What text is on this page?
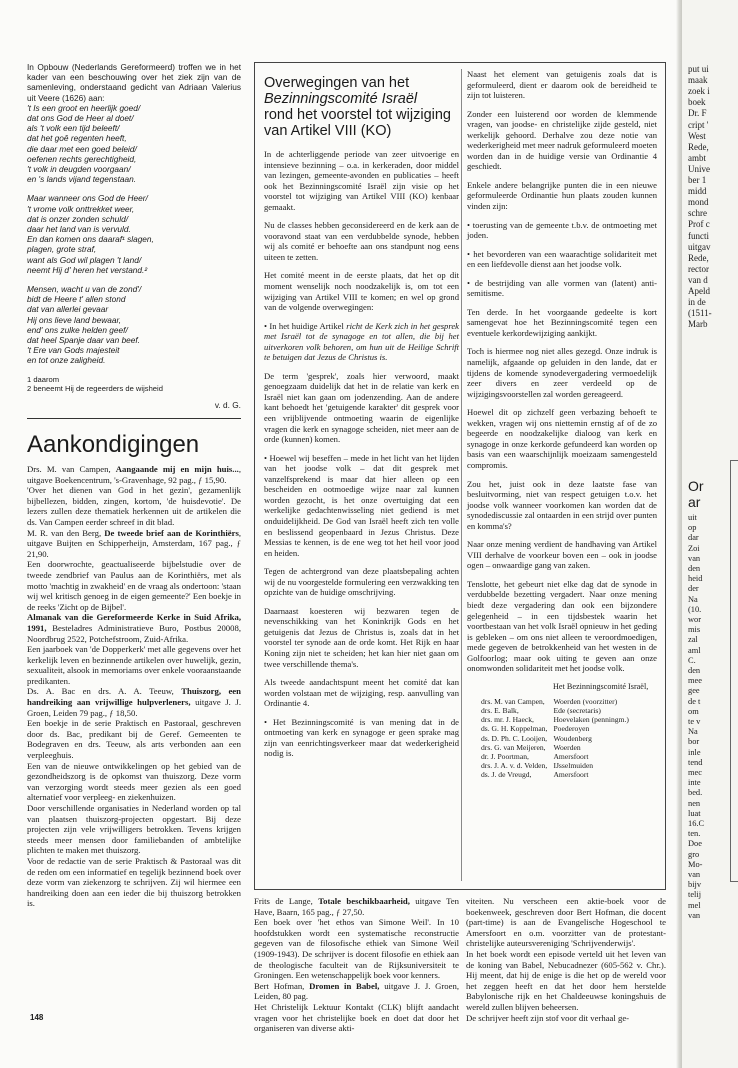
In Opbouw (Nederlands Gereformeerd) troffen we in het kader van een beschouwing over het ziek zijn van de samenleving, onderstaand gedicht van Adriaan Valerius uit Veere (1626) aan:

't Is een groot en heerlijk goed/
dat ons God de Heer al doet/
als 't volk een tijd beleeft/
dat het goê regenten heeft,
die daar met een goed beleid/
oefenen rechts gerechtigheid,
't volk in deugden voorgaan/
en 's lands vijand tegenstaan.

Maar wanneer ons God de Heer/
't vrome volk onttrekket weer,
dat is onzer zonden schuld/
daar het land van is vervuld.
En dan komen ons daaraf¹ slagen,
plagen, grote straf,
want als God wil plagen 't land/
neemt Hij d' heren het verstand.²

Mensen, wacht u van de zond'/
bidt de Heere t' allen stond
dat van allerlei gevaar
Hij ons lieve land bewaar,
end' ons zulke helden geef/
dat heel Spanje daar van beef.
't Ere van Gods majesteit
en tot onze zaligheid.

1 daarom
2 beneemt Hij de regeerders de wijsheid
v. d. G.
Aankondigingen

Drs. M. van Campen, Aangaande mij en mijn huis..., uitgave Boekencentrum, 's-Gravenhage, 92 pag., ƒ 15,90.

'Over het dienen van God in het gezin', gezamenlijk bijbellezen, bidden, zingen, kortom, 'de huisdevotie'. De lezers zullen deze thematiek herkennen uit de artikelen die ds. Van Campen eerder schreef in dit blad.

M. R. van den Berg, De tweede brief aan de Korinthiërs, uitgave Buijten en Schipperheijn, Amsterdam, 167 pag., ƒ 21,90.

Een doorwrochte, geactualiseerde bijbelstudie over de tweede zendbrief van Paulus aan de Korinthiërs, met als motto 'machtig in zwakheid' en de vraag als ondertoon: 'staan wij wel kritisch genoeg in de eigen gemeente?' Een boekje in de reeks 'Zicht op de Bijbel'.

Almanak van die Gereformeerde Kerke in Suid Afrika, 1991, Besteladres Administratieve Buro, Postbus 20008, Noordbrug 2522, Potchefstroom, Zuid-Afrika.

Een jaarboek van 'de Dopperkerk' met alle gegevens over het kerkelijk leven en bezinnende artikelen over huwelijk, gezin, sexualiteit, alsook in memoriams over enkele vooraanstaande predikanten.

Ds. A. Bac en drs. A. A. Teeuw, Thuiszorg, een handreiking aan vrijwillige hulpverleners, uitgave J. J. Groen, Leiden 79 pag., ƒ 18,50.

Een boekje in de serie Praktisch en Pastoraal, geschreven door ds. Bac, predikant bij de Geref. Gemeenten te Bodegraven en drs. Teeuw, als arts verbonden aan een verpleeghuis.

Een van de nieuwe ontwikkelingen op het gebied van de gezondheidszorg is de opkomst van thuiszorg. Deze vorm van verzorging wordt steeds meer gezien als een goed alternatief voor verpleeg- en ziekenhuizen.

Door verschillende organisaties in Nederland worden op tal van plaatsen thuiszorg-projecten opgestart. Bij deze projecten zijn vele vrijwilligers betrokken. Tevens krijgen steeds meer mensen door familiebanden of ambtelijke plichten te maken met thuiszorg.

Voor de redactie van de serie Praktisch & Pastoraal was dit de reden om een informatief en tegelijk bezinnend boek over deze vorm van ziekenzorg te schrijven. Zij wil hiermee een handreiking doen aan een ieder die bij thuiszorg betrokken is.

Overwegingen van het
Bezinningscomité Israël
rond het voorstel tot wijziging
van Artikel VIII (KO)

In de achterliggende periode van zeer uitvoerige en intensieve bezinning – o.a. in kerkeraden, door middel van lezingen, gemeente-avonden en publicaties – heeft ook het Bezinningscomité Israël zijn visie op het voorstel tot wijziging van Artikel VIII (KO) kenbaar gemaakt.

Nu de classes hebben geconsidereerd en de kerk aan de vooravond staat van een verdubbelde synode, hebben wij als comité er behoefte aan ons standpunt nog eens uiteen te zetten.

Het comité meent in de eerste plaats, dat het op dit moment wenselijk noch noodzakelijk is, om tot een wijziging van Artikel VIII te komen; en wel op grond van de volgende overwegingen:

• In het huidige Artikel richt de Kerk zich in het gesprek met Israël tot de synagoge en tot allen, die bij het uitverkoren volk behoren, om hun uit de Heilige Schrift te betuigen dat Jezus de Christus is.

De term 'gesprek', zoals hier verwoord, maakt genoegzaam duidelijk dat het in de relatie van kerk en Israël niet kan gaan om jodenzending. Aan de andere kant behoedt het 'getuigende karakter' dit gesprek voor een vrijblijvende ontmoeting waarin de eigenlijke vragen die kerk en synagoge scheiden, niet meer aan de orde (kunnen) komen.

• Hoewel wij beseffen – mede in het licht van het lijden van het joodse volk – dat dit gesprek met vanzelfsprekend is maar dat hier alleen op een bescheiden en ootmoedige wijze naar zal kunnen worden gezocht, is het onze overtuiging dat een werkelijke gedachtenwisseling niet gediend is met onduidelijkheid. De God van Israël heeft zich ten volle en beslissend geopenbaard in Jezus Christus. Deze Messias te kennen, is de ene weg tot het heil voor jood en heiden.

Tegen de achtergrond van deze plaatsbepaling achten wij de nu voorgestelde formulering een verzwakking ten opzichte van de huidige omschrijving.

Daarnaast koesteren wij bezwaren tegen de nevenschikking van het Koninkrijk Gods en het getuigenis dat Jezus de Christus is, zoals dat in het voorstel ter synode aan de orde komt. Het Rijk en haar Koning zijn niet te scheiden; het kan hier niet gaan om twee verschillende thema's.

Als tweede aandachtspunt meent het comité dat kan worden volstaan met de wijziging, resp. aanvulling van Ordinantie 4.

• Het Bezinningscomité is van mening dat in de ontmoeting van kerk en synagoge er geen sprake mag zijn van eenrichtingsverkeer maar dat wederkerigheid nodig is.

Naast het element van getuigenis zoals dat is geformuleerd, dient er daarom ook de bereidheid te zijn tot luisteren.

Zonder een luisterend oor worden de klemmende vragen, van joodse- en christelijke zijde gesteld, niet werkelijk gehoord. Derhalve zou deze notie van wederkerigheid met meer nadruk geformuleerd moeten worden dan in de huidige versie van Ordinantie 4 geschiedt.

Enkele andere belangrijke punten die in een nieuwe geformuleerde Ordinantie hun plaats zouden kunnen vinden zijn:

• toerusting van de gemeente t.b.v. de ontmoeting met joden.

• het bevorderen van een waarachtige solidariteit met en een liefdevolle dienst aan het joodse volk.

• de bestrijding van alle vormen van (latent) anti-semitisme.

Ten derde. In het voorgaande gedeelte is kort samengevat hoe het Bezinningscomité tegen een eventuele kerkordewijziging aankijkt.

Toch is hiermee nog niet alles gezegd. Onze indruk is namelijk, afgaande op geluiden in den lande, dat er tijdens de komende synodevergadering vermoedelijk zeer divers en zeer verdeeld op de wijzigingsvoorstellen zal worden gereageerd.

Hoewel dit op zichzelf geen verbazing behoeft te wekken, vragen wij ons niettemin ernstig af of de zo begeerde en noodzakelijke dialoog van kerk en synagoge in onze kerkorde gefundeerd kan worden op basis van een waarschijnlijk moeizaam samengesteld compromis.

Zou het, juist ook in deze laatste fase van besluitvorming, niet van respect getuigen t.o.v. het joodse volk wanneer voorkomen kan worden dat de synodediscussie zal ontaarden in een strijd over punten en komma's?

Naar onze mening verdient de handhaving van Artikel VIII derhalve de voorkeur boven een – ook in joodse ogen – onwaardige gang van zaken.

Tenslotte, het gebeurt niet elke dag dat de synode in verdubbelde bezetting vergadert. Naar onze mening biedt deze vergadering dan ook een bijzondere gelegenheid – in een tijdsbestek waarin het voortbestaan van het volk Israël opnieuw in het geding is gebleken – om ons niet alleen te veroordmoedigen, mede gegeven de betrokkenheid van het westen in de Golfoorlog; maar ook uiting te geven aan onze onomwonden solidariteit met het joodse volk.

Het Bezinningscomité Israël,
drs. M. van Campen,	Woerden (voorzitter)
drs. E. Balk,	Ede (secretaris)
drs. mr. J. Haeck,	Hoevelaken (penningm.)
ds. G. H. Koppelman,	Poederoyen
ds. D. Ph. C. Looijen,	Woudenberg
drs. G. van Meijeren,	Woerden
dr. J. Poortman,	Amersfoort
drs. J. A. v. d. Velden,	IJsselmuiden
ds. J. de Vreugd,	Amersfoort

Frits de Lange, Totale beschikbaarheid, uitgave Ten Have, Baarn, 165 pag., ƒ 27,50.

Een boek over 'het ethos van Simone Weil'. In 10 hoofdstukken wordt een systematische reconstructie gegeven van de filosofische ethiek van Simone Weil (1909-1943). De schrijver is docent filosofie en ethiek aan de theologische faculteit van de Rijksuniversiteit te Groningen. Een wetenschappelijk boek voor kenners.

Bert Hofman, Dromen in Babel, uitgave J. J. Groen, Leiden, 80 pag.

Het Christelijk Lektuur Kontakt (CLK) blijft aandacht vragen voor het christelijke boek en doet dat door het organiseren van diverse akti-

viteiten. Nu verscheen een aktie-boek voor de boekenweek, geschreven door Bert Hofman, die docent (part-time) is aan de Evangelische Hogeschool te Amersfoort en o.m. voorzitter van de protestant-christelijke auteursvereniging 'Schrijvenderwijs'.

In het boek wordt een episode verteld uit het leven van de koning van Babel, Nebucadnezer (605-562 v. Chr.). Hij meent, dat hij de enige is die het op de wereld voor het zeggen heeft en dat het door hem herstelde Babylonische rijk en het Chaldeeuwse koningshuis de wereld zullen blijven beheersen.

De schrijver heeft zijn stof voor dit verhaal ge-

148
put ui
maak
zoek i
boek
Dr. F
cript '
West
Rede,
ambt
Unive
ber 1
midd
mond
schre
Prof c
functi
uitgav
Rede,
rector
van d
Apeld
in de
(1511-
Marb
Or
ar
uit
op
dar
Zoi
van
den
heid
der
Na
(10.
wor
mis
zal
aml
C.
den
mee
gee
de t
om
te v
Na
bor
inle
tend
mec
inte
bed.
nen
luat
16.C
ten.
Doe
gro
Mo-
van
bijv
telij
mel
van
